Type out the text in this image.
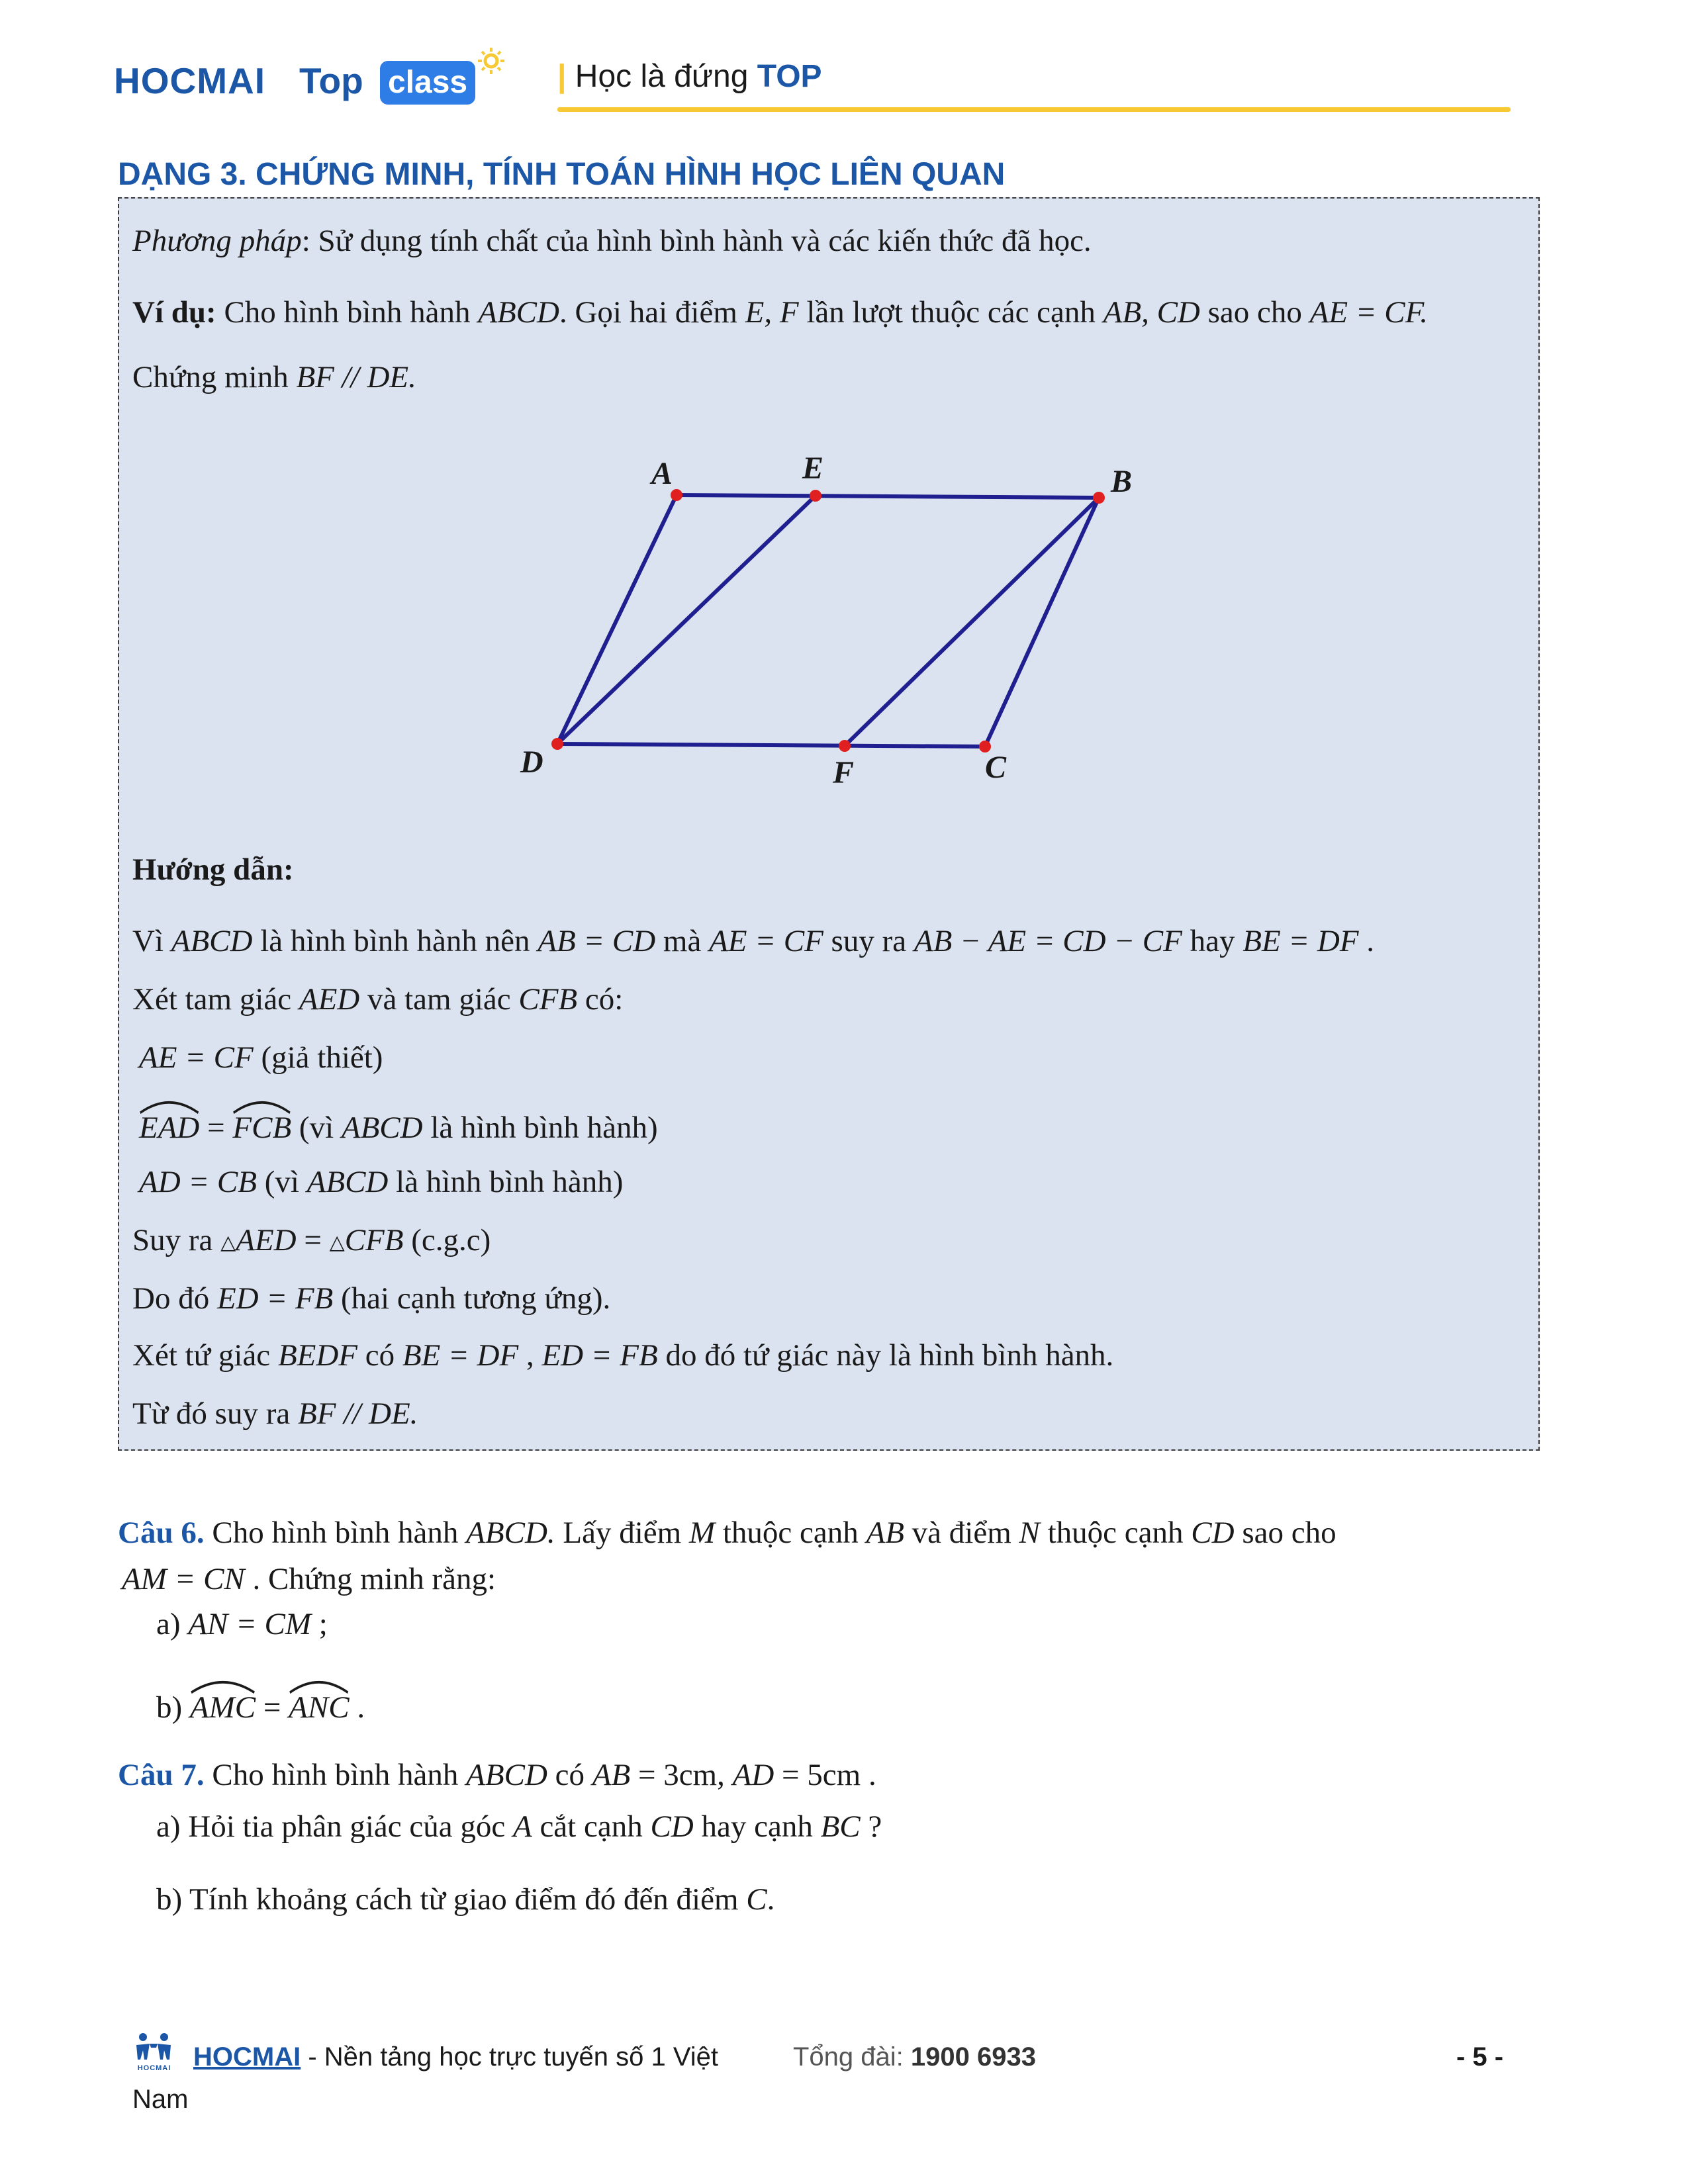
HOCMAI Top class	| Học là đứng TOP
DẠNG 3. CHỨNG MINH, TÍNH TOÁN HÌNH HỌC LIÊN QUAN
Phương pháp: Sử dụng tính chất của hình bình hành và các kiến thức đã học.
Ví dụ: Cho hình bình hành ABCD. Gọi hai điểm E, F lần lượt thuộc các cạnh AB, CD sao cho AE = CF.
Chứng minh BF // DE.
A	E	B
D	F	C
Hướng dẫn:
Vì ABCD là hình bình hành nên AB = CD mà AE = CF suy ra AB − AE = CD − CF hay BE = DF .
Xét tam giác AED và tam giác CFB có:
AE = CF (giả thiết)
EAD =
FCB (vì ABCD là hình bình hành)
AD = CB (vì ABCD là hình bình hành)
Suy ra △AED = △CFB (c.g.c)
Do đó ED = FB (hai cạnh tương ứng).
Xét tứ giác BEDF có BE = DF , ED = FB do đó tứ giác này là hình bình hành.
Từ đó suy ra BF // DE.
Câu 6. Cho hình bình hành ABCD. Lấy điểm M thuộc cạnh AB và điểm N thuộc cạnh CD sao cho
AM = CN . Chứng minh rằng:
a) AN = CM ;
b)
AMC =
ANC .
Câu 7. Cho hình bình hành ABCD có AB = 3cm, AD = 5cm .
a) Hỏi tia phân giác của góc A cắt cạnh CD hay cạnh BC ?
b) Tính khoảng cách từ giao điểm đó đến điểm C.
HOCMAI HOCMAI - Nền tảng học trực tuyến số 1 Việt	Tổng đài: 1900 6933	- 5 -
Nam
